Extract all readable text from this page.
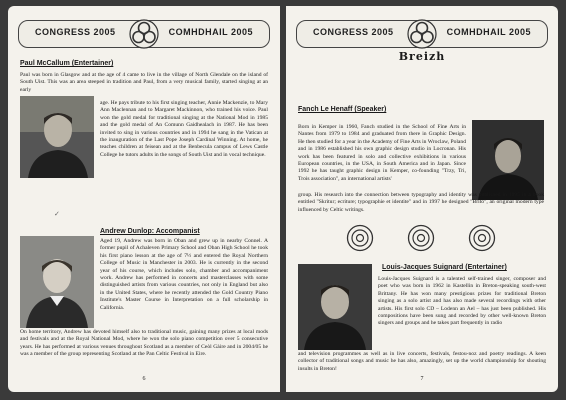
CONGRESS 2005	COMHDHAIL 2005
Paul McCallum (Entertainer)

Paul was born in Glasgow and at the age of 4 came to live in the village of North Glendale on the island of South Uist. This was an area steeped in tradition and Paul, from a very musical family, started singing at an early

age. He pays tribute to his first singing teacher, Annie Mackenzie, to Mary Ann Maclennan and to Margaret Mackinnon, who trained his voice. Paul won the gold medal for traditional singing at the National Mod in 1985 and the gold medal of An Comunn Gaidhealach in 1987. He has been invited to sing in various countries and in 1994 he sang in the Vatican at the inauguration of the Last Pope Joseph Cardinal Winning. At home, he teaches children at feisean and at the Benbecula campus of Lews Castle College he tutors adults in the songs of South Uist and in vocal technique.

✓
Andrew Dunlop: Accompanist

Aged 19, Andrew was born in Oban and grew up in nearby Connel. A former pupil of Achaleven Primary School and Oban High School he took his first piano lesson at the age of 7½ and entered the Royal Northern College of Music in Manchester in 2003. He is currently in the second year of his course, which includes solo, chamber and accompaniment work. Andrew has performed in concerts and masterclasses with some distinguished artists from various countries, not only in England but also in the United States, where he recently attended the Gold Country Piano Institute's Master Course in Interpretation on a full scholarship in California.

On home territory, Andrew has devoted himself also to traditional music, gaining many prizes at local mods and festivals and at the Royal National Mod, where he won the solo piano competition over 5 consecutive years. He has performed at various venues throughout Scotland as a member of Ceòl Gàire and in 2004/05 he was a member of the group representing Scotland at the Pan Celtic Festival in Eire.

6
CONGRESS 2005	COMHDHAIL 2005
Breizh
Fanch Le Henaff (Speaker)

Born in Kemper in 1960, Fanch studied in the School of Fine Arts in Nantes from 1979 to 1984 and graduated from there in Graphic Design. He then studied for a year in the Academy of Fine Arts in Wroclaw, Poland and in 1986 established his own graphic design studio in Locronan. His work has been featured in solo and collective exhibitions in various European countries, in the USA, in South America and in Japan. Since 1992 he has taught graphic design in Kemper, co-founding "Trzy, Tri, Trois association", an international artists'

group. His research into the connection between typography and identity was published in 1995 in a book entitled "Skritur; ecriture; typographie et identite" and in 1997 he designed "Brito", an original modern type influenced by Celtic writings.

Louis-Jacques Suignard (Entertainer)

Louis-Jacques Suignard is a talented self-trained singer, composer and poet who was born in 1962 in Kastellin in Breton-speaking south-west Brittany. He has won many prestigious prizes for traditional Breton singing as a solo artist and has also made several recordings with other artists. His first solo CD – Lodenn an Ael – has just been published. His compositions have been sung and recorded by other well-known Breton singers and groups and he takes part frequently in radio

and television programmes as well as in live concerts, festivals, festou-noz and poetry readings. A keen collector of traditional songs and music he has also, amazingly, set up the world championship for shouting insults in Breton!

7
